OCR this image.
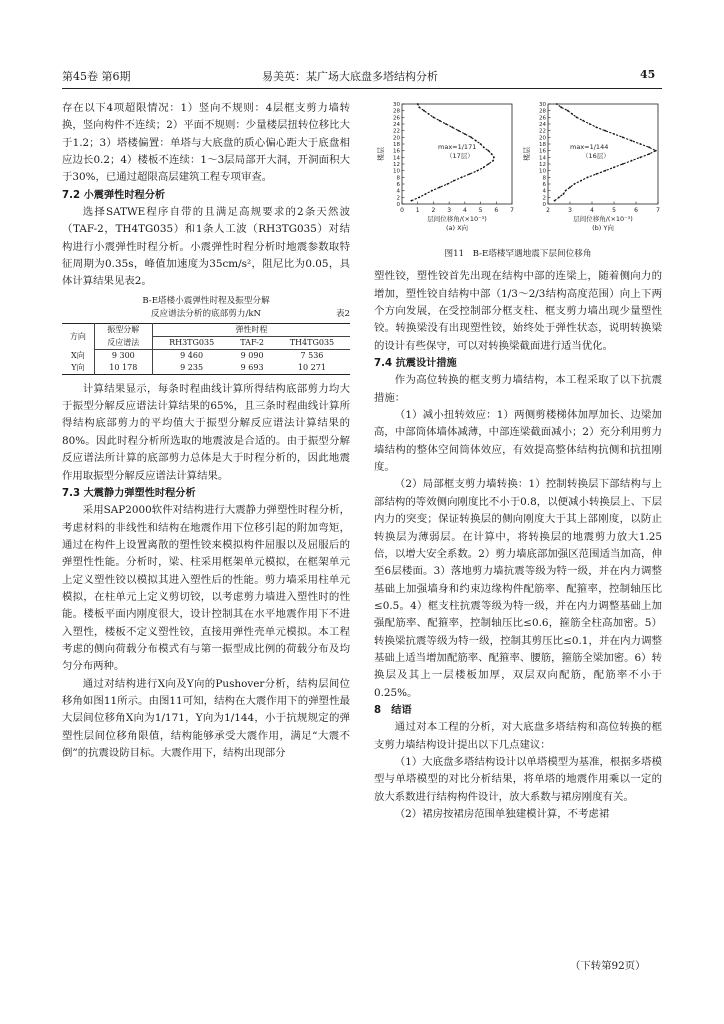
第45卷 第6期	易美英：某广场大底盘多塔结构分析	45

存在以下4项超限情况：1）竖向不规则：4层框支剪力墙转换，竖向构件不连续；2）平面不规则：少量楼层扭转位移比大于1.2；3）塔楼偏置：单塔与大底盘的质心偏心距大于底盘相应边长0.2；4）楼板不连续：1～3层局部开大洞，开洞面积大于30%，已通过超限高层建筑工程专项审查。

7.2 小震弹性时程分析

选择SATWE程序自带的且满足高规要求的2条天然波（TAF-2，TH4TG035）和1条人工波（RH3TG035）对结构进行小震弹性时程分析。小震弹性时程分析时地震参数取特征周期为0.35s，峰值加速度为35cm/s²，阻尼比为0.05，具体计算结果见表2。

B-E塔楼小震弹性时程及振型分解
反应谱法分析的底部剪力/kN	表2
方向	振型分解	弹性时程		
	反应谱法	RH3TG035	TAF-2	TH4TG035
X向	9 300	9 460	9 090	7 536
Y向	10 178	9 235	9 693	10 271

计算结果显示，每条时程曲线计算所得结构底部剪力均大于振型分解反应谱法计算结果的65%，且三条时程曲线计算所得结构底部剪力的平均值大于振型分解反应谱法计算结果的80%。因此时程分析所选取的地震波是合适的。由于振型分解反应谱法所计算的底部剪力总体是大于时程分析的，因此地震作用取振型分解反应谱法计算结果。

7.3 大震静力弹塑性时程分析

采用SAP2000软件对结构进行大震静力弹塑性时程分析，考虑材料的非线性和结构在地震作用下位移引起的附加弯矩，通过在构件上设置离散的塑性铰来模拟构件屈服以及屈服后的弹塑性性能。分析时，梁、柱采用框架单元模拟，在框架单元上定义塑性铰以模拟其进入塑性后的性能。剪力墙采用柱单元模拟，在柱单元上定义剪切铰，以考虑剪力墙进入塑性时的性能。楼板平面内刚度很大，设计控制其在水平地震作用下不进入塑性，楼板不定义塑性铰，直接用弹性壳单元模拟。本工程考虑的侧向荷载分布模式有与第一振型成比例的荷载分布及均匀分布两种。

通过对结构进行X向及Y向的Pushover分析，结构层间位移角如图11所示。由图11可知，结构在大震作用下的弹塑性最大层间位移角X向为1/171，Y向为1/144，小于抗规规定的弹塑性层间位移角限值，结构能够承受大震作用，满足“大震不倒”的抗震设防目标。大震作用下，结构出现部分

0
2
4
6
8
10
12
14
16
18
20
22
24
26
28
30
0 1 2 3 4 5 6 7
楼层	max=1/171
（17层）
层间位移角/(×10⁻³)
(a) X向
0
2
4
6
8
10
12
14
16
18
20
22
24
26
28
30
2	3	4	5	6	7
楼层	max=1/144
（16层）
层间位移角/(×10⁻³)
(b) Y向
图11　B-E塔楼罕遇地震下层间位移角

塑性铰，塑性铰首先出现在结构中部的连梁上，随着侧向力的增加，塑性铰自结构中部（1/3～2/3结构高度范围）向上下两个方向发展，在受控制部分框支柱、框支剪力墙出现少量塑性铰。转换梁没有出现塑性铰，始终处于弹性状态，说明转换梁的设计有些保守，可以对转换梁截面进行适当优化。

7.4 抗震设计措施

作为高位转换的框支剪力墙结构，本工程采取了以下抗震措施：

（1）减小扭转效应：1）两侧剪楼梯体加厚加长、边梁加高，中部筒体墙体减薄，中部连梁截面减小；2）充分利用剪力墙结构的整体空间筒体效应，有效提高整体结构抗侧和抗扭刚度。

（2）局部框支剪力墙转换：1）控制转换层下部结构与上部结构的等效侧向刚度比不小于0.8，以便减小转换层上、下层内力的突变；保证转换层的侧向刚度大于其上部刚度，以防止转换层为薄弱层。在计算中，将转换层的地震剪力放大1.25倍，以增大安全系数。2）剪力墙底部加强区范围适当加高，伸至6层楼面。3）落地剪力墙抗震等级为特一级，并在内力调整基础上加强墙身和约束边缘构件配筋率、配箍率，控制轴压比≤0.5。4）框支柱抗震等级为特一级，并在内力调整基础上加强配筋率、配箍率，控制轴压比≤0.6，箍筋全柱高加密。5）转换梁抗震等级为特一级，控制其剪压比≤0.1，并在内力调整基础上适当增加配筋率、配箍率、腰筋，箍筋全梁加密。6）转换层及其上一层楼板加厚，双层双向配筋，配筋率不小于0.25%。

8　结语

通过对本工程的分析，对大底盘多塔结构和高位转换的框支剪力墙结构设计提出以下几点建议：

（1）大底盘多塔结构设计以单塔模型为基准，根据多塔模型与单塔模型的对比分析结果，将单塔的地震作用乘以一定的放大系数进行结构构件设计，放大系数与裙房刚度有关。

（2）裙房按裙房范围单独建模计算，不考虑裙

（下转第92页）
